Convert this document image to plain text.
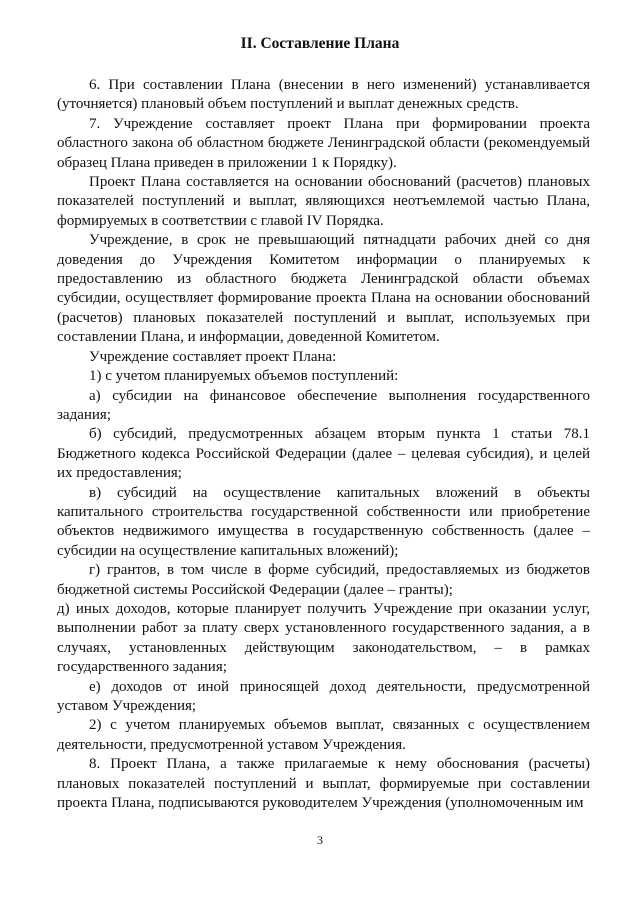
II. Составление Плана

6. При составлении Плана (внесении в него изменений) устанавливается (уточняется) плановый объем поступлений и выплат денежных средств.

7. Учреждение составляет проект Плана при формировании проекта областного закона об областном бюджете Ленинградской области (рекомендуемый образец Плана приведен в приложении 1 к Порядку).

Проект Плана составляется на основании обоснований (расчетов) плановых показателей поступлений и выплат, являющихся неотъемлемой частью Плана, формируемых в соответствии с главой IV Порядка.

Учреждение, в срок не превышающий пятнадцати рабочих дней со дня доведения до Учреждения Комитетом информации о планируемых к предоставлению из областного бюджета Ленинградской области объемах субсидии, осуществляет формирование проекта Плана на основании обоснований (расчетов) плановых показателей поступлений и выплат, используемых при составлении Плана, и информации, доведенной Комитетом.

Учреждение составляет проект Плана:

1) с учетом планируемых объемов поступлений:

а) субсидии на финансовое обеспечение выполнения государственного задания;

б) субсидий, предусмотренных абзацем вторым пункта 1 статьи 78.1 Бюджетного кодекса Российской Федерации (далее – целевая субсидия), и целей их предоставления;

в) субсидий на осуществление капитальных вложений в объекты капитального строительства государственной собственности или приобретение объектов недвижимого имущества в государственную собственность (далее – субсидии на осуществление капитальных вложений);

г) грантов, в том числе в форме субсидий, предоставляемых из бюджетов бюджетной системы Российской Федерации (далее – гранты);

д) иных доходов, которые планирует получить Учреждение при оказании услуг, выполнении работ за плату сверх установленного государственного задания, а в случаях, установленных действующим законодательством, – в рамках государственного задания;

е) доходов от иной приносящей доход деятельности, предусмотренной уставом Учреждения;

2) с учетом планируемых объемов выплат, связанных с осуществлением деятельности, предусмотренной уставом Учреждения.

8. Проект Плана, а также прилагаемые к нему обоснования (расчеты) плановых показателей поступлений и выплат, формируемые при составлении проекта Плана, подписываются руководителем Учреждения (уполномоченным им

3
